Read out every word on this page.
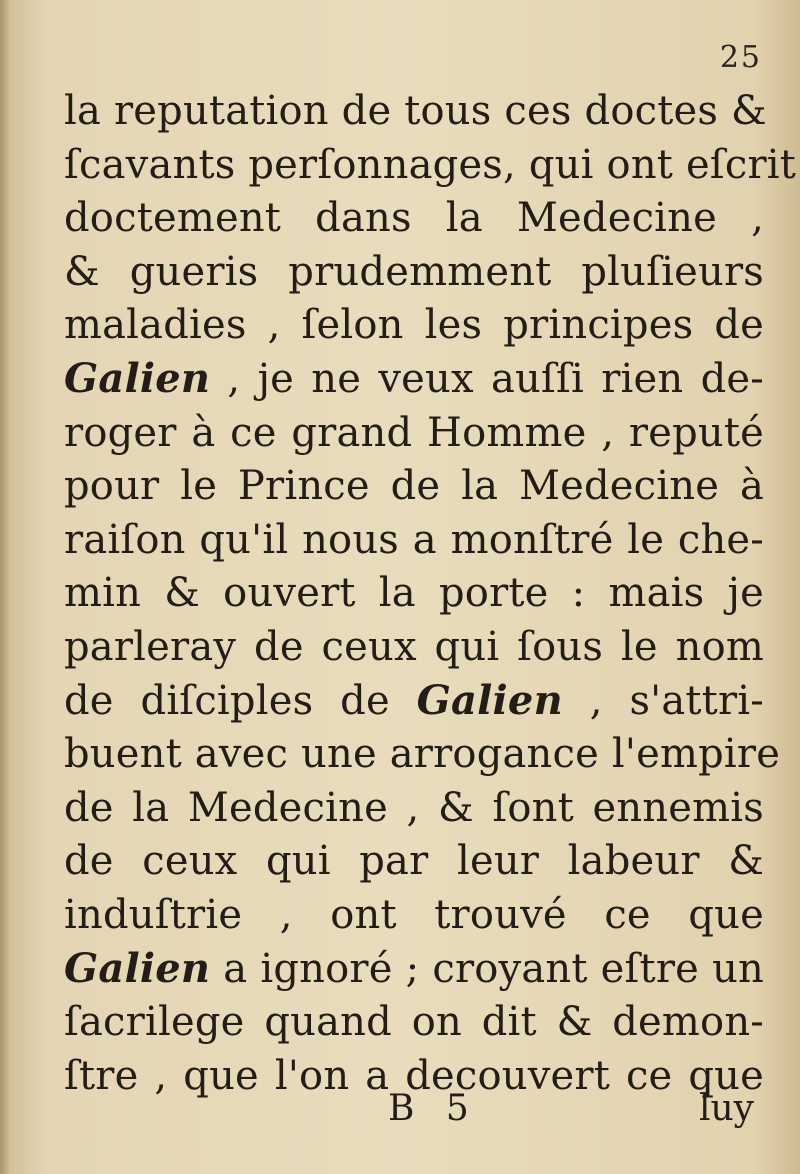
25
la reputation de tous ces doctes &
ſcavants perſonnages, qui ont eſcrit
doctement dans la Medecine ,
& gueris prudemment pluſieurs
maladies , ſelon les principes de
Galien , je ne veux auſſi rien de-
roger à ce grand Homme , reputé
pour le Prince de la Medecine à
raiſon qu'il nous a monſtré le che-
min & ouvert la porte : mais je
parleray de ceux qui ſous le nom
de diſciples de Galien , s'attri-
buent avec une arrogance l'empire
de la Medecine , & ſont ennemis
de ceux qui par leur labeur &
induſtrie , ont trouvé ce que
Galien a ignoré ; croyant eſtre un
ſacrilege quand on dit & demon-
ſtre , que l'on a decouvert ce que
B 5	luy
